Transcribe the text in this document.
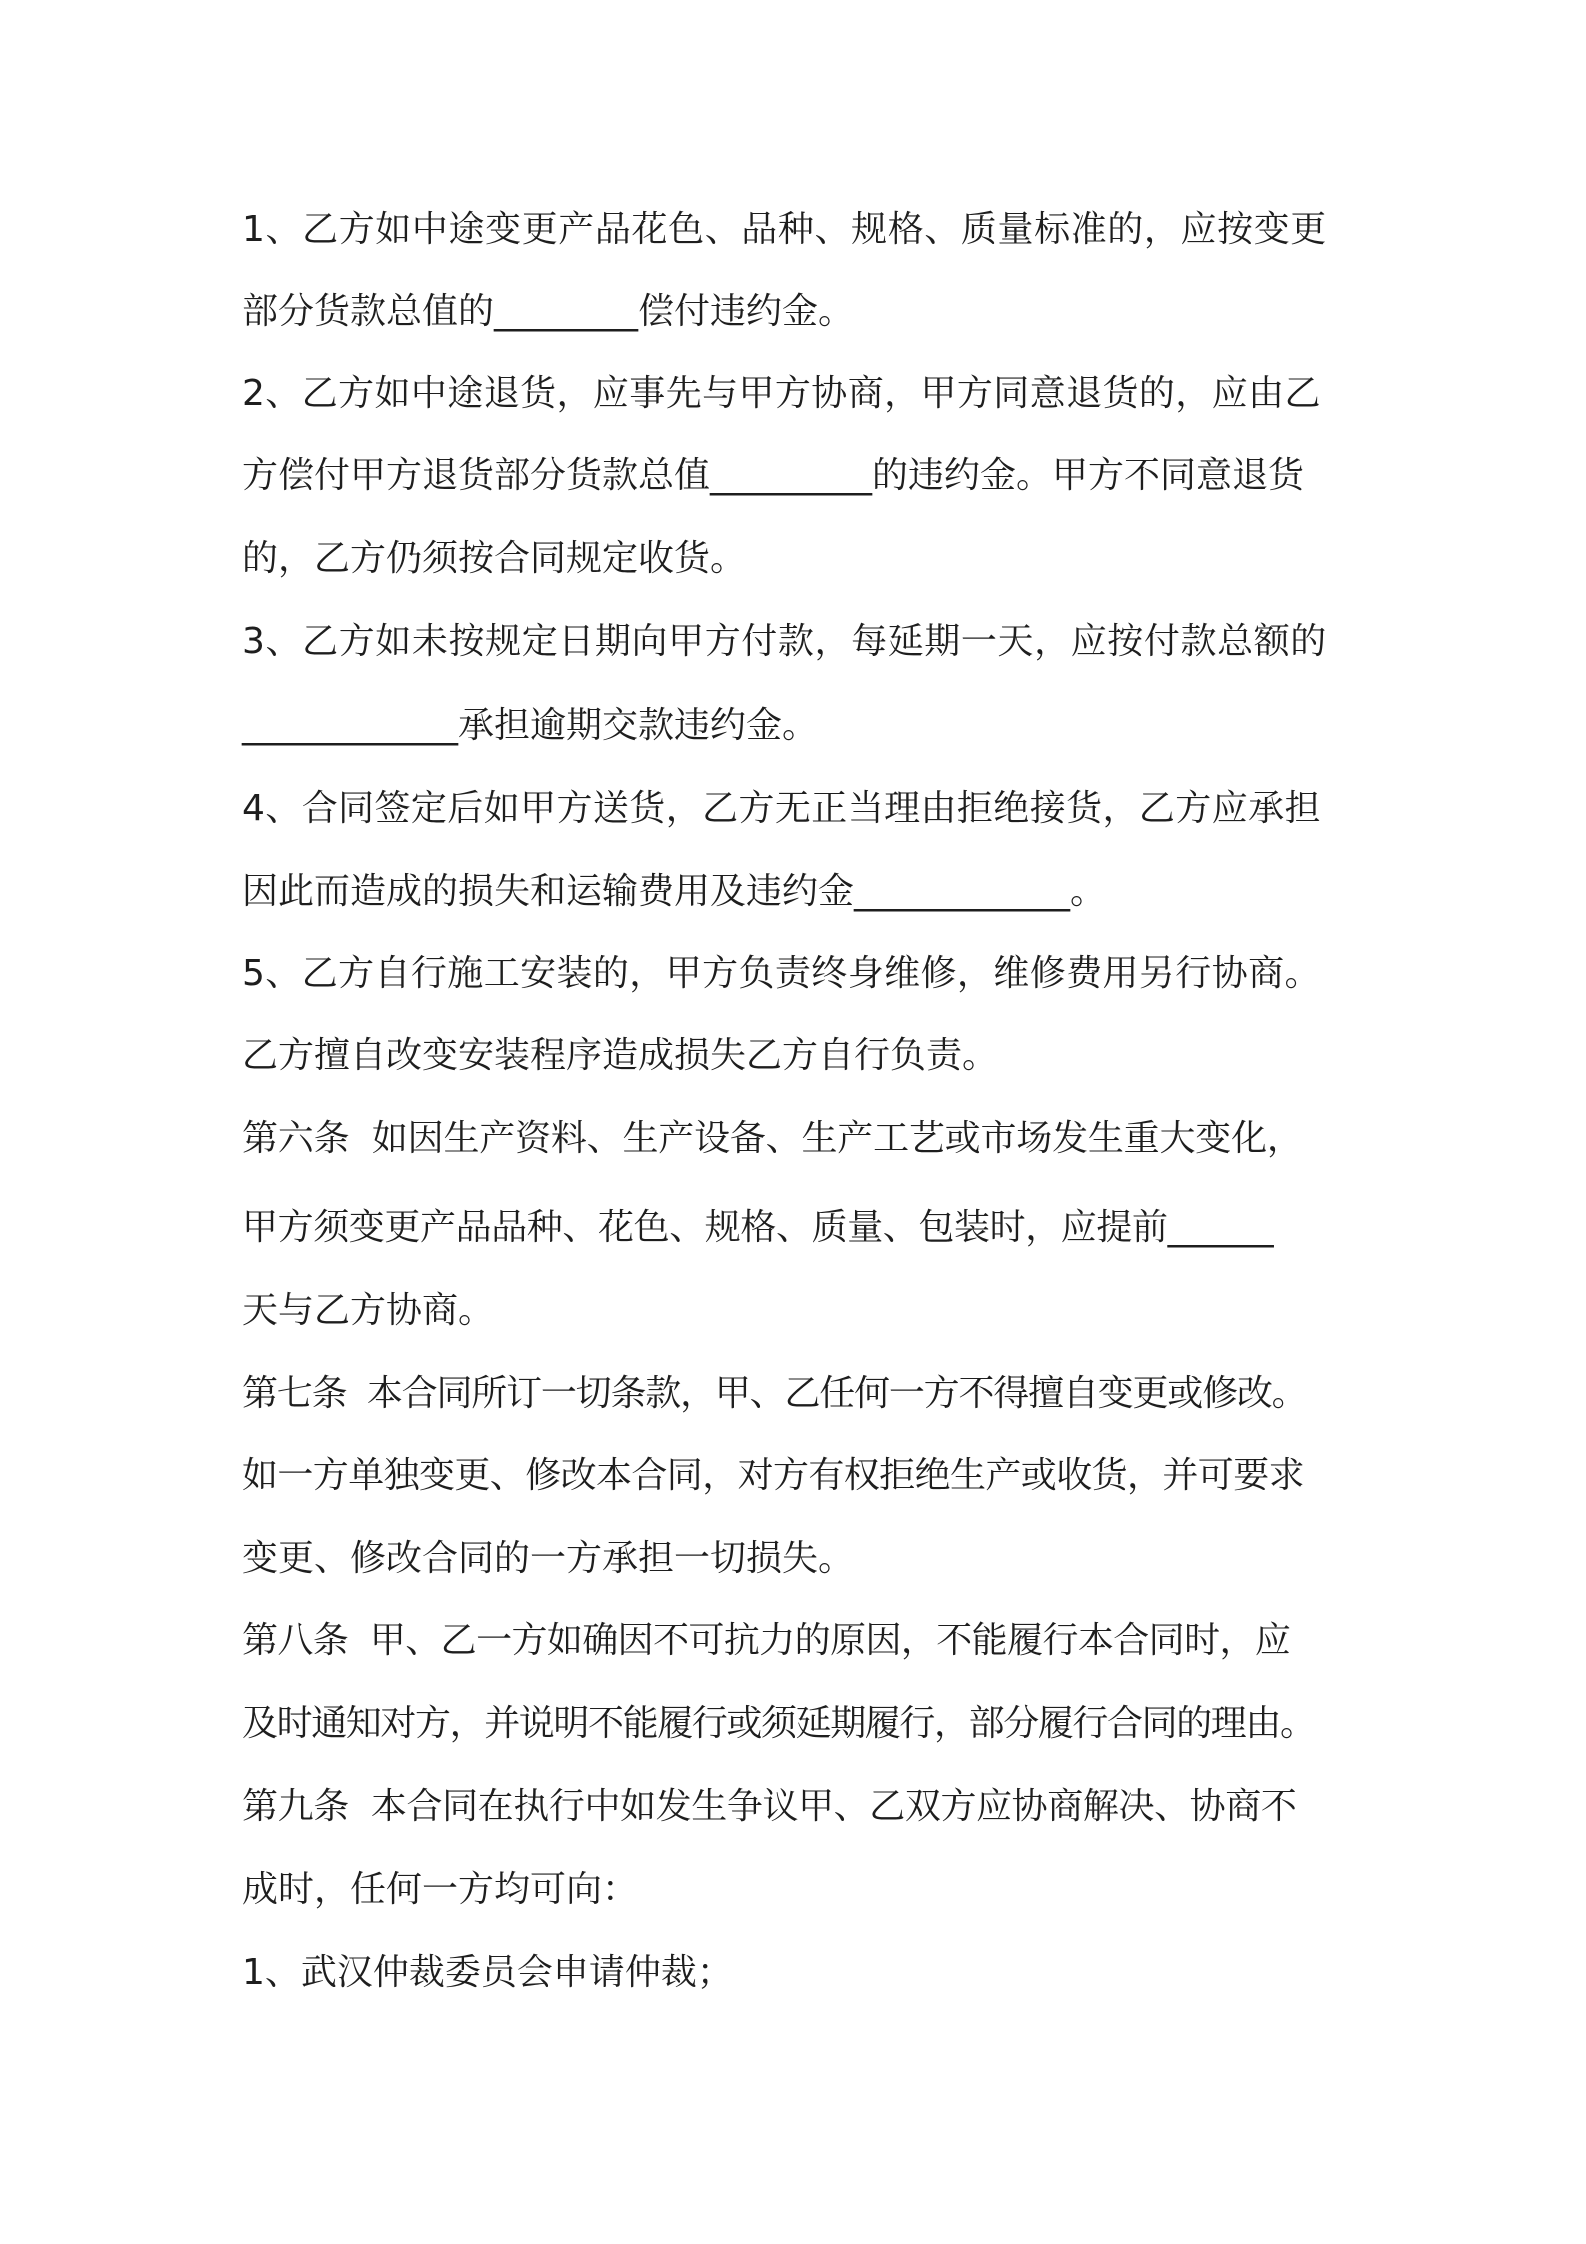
1、乙方如中途变更产品花色、品种、规格、质量标准的，应按变更

部分货款总值的________偿付违约金。

2、乙方如中途退货，应事先与甲方协商，甲方同意退货的，应由乙

方偿付甲方退货部分货款总值_________的违约金。甲方不同意退货

的，乙方仍须按合同规定收货。

3、乙方如未按规定日期向甲方付款，每延期一天，应按付款总额的

____________承担逾期交款违约金。

4、合同签定后如甲方送货，乙方无正当理由拒绝接货，乙方应承担

因此而造成的损失和运输费用及违约金____________。

5、乙方自行施工安装的，甲方负责终身维修，维修费用另行协商。

乙方擅自改变安装程序造成损失乙方自行负责。

第六条  如因生产资料、生产设备、生产工艺或市场发生重大变化，

甲方须变更产品品种、花色、规格、质量、包装时，应提前______

天与乙方协商。

第七条  本合同所订一切条款，甲、乙任何一方不得擅自变更或修改。

如一方单独变更、修改本合同，对方有权拒绝生产或收货，并可要求

变更、修改合同的一方承担一切损失。

第八条  甲、乙一方如确因不可抗力的原因，不能履行本合同时，应

及时通知对方，并说明不能履行或须延期履行，部分履行合同的理由。

第九条  本合同在执行中如发生争议甲、乙双方应协商解决、协商不

成时，任何一方均可向：

1、武汉仲裁委员会申请仲裁；
